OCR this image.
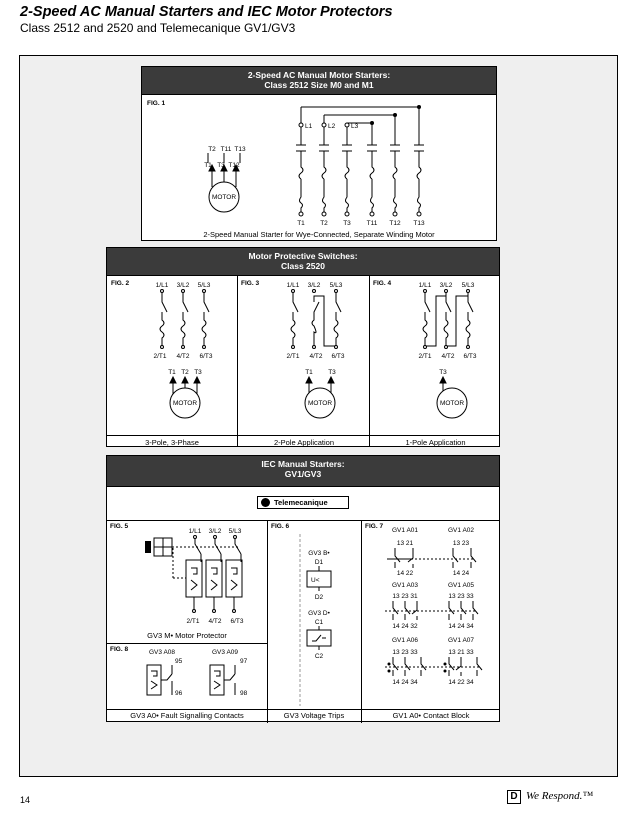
2-Speed AC Manual Starters and IEC Motor Protectors
Class 2512 and 2520 and Telemecanique GV1/GV3
2-Speed AC Manual Motor Starters:
Class 2512 Size M0 and M1
FIG. 1
T2 T11 T13
T1 T3 T12
MOTOR
L1 L2 L3
T1 T2 T3 T11 T12 T13
2-Speed Manual Starter for Wye-Connected, Separate Winding Motor
Motor Protective Switches:
Class 2520
FIG. 2	1/L1 3/L2 5/L3
2/T1 4/T2 6/T3
T1 T2 T3
MOTOR
3-Pole, 3-Phase
FIG. 3	1/L1 3/L2 5/L3
2/T1 4/T2 6/T3
T1 T3
MOTOR
2-Pole Application
FIG. 4	1/L1 3/L2 5/L3
2/T1 4/T2 6/T3
T3
MOTOR
1-Pole Application
IEC Manual Starters:
GV1/GV3
Telemecanique
FIG. 5
1/L1 3/L2 5/L3
2/T1 4/T2 6/T3
GV3 M• Motor Protector
FIG. 8	GV3 A08	GV3 A09
95
96
97
98
GV3 A0• Fault Signalling Contacts
FIG. 6
GV3 B•
D1
U<
D2
GV3 D•
C1
C2
GV3 Voltage Trips
FIG. 7
GV1 A01
13 21
14 22
GV1 A02
13 23
14 24
GV1 A03
13 23 31
14 24 32
GV1 A05
13 23 33
14 24 34
GV1 A06
13 23 33
14 24 34
GV1 A07
13 21 33
14 22 34
GV1 A0• Contact Block
14	D We Respond.™
